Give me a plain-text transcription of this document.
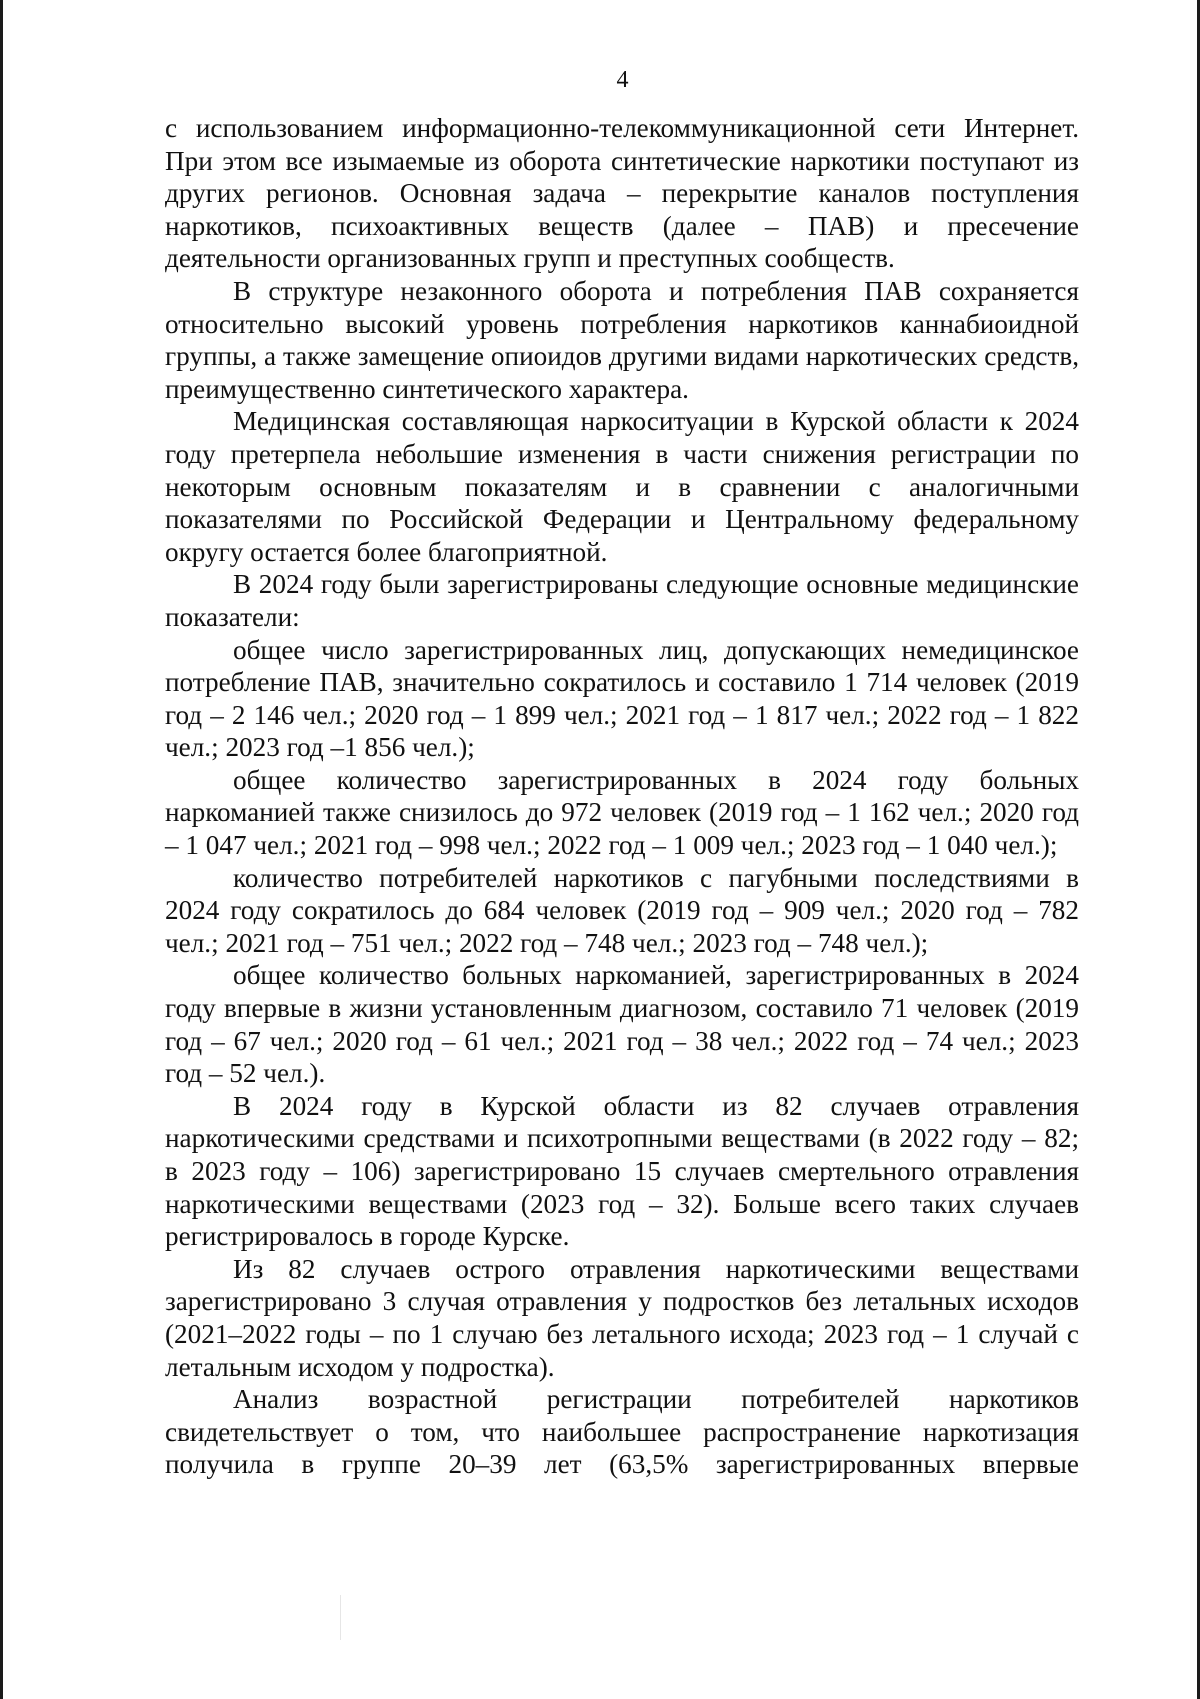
4

с использованием информационно-телекоммуникационной сети Интернет. При этом все изымаемые из оборота синтетические наркотики поступают из других регионов. Основная задача – перекрытие каналов поступления наркотиков, психоактивных веществ (далее – ПАВ) и пресечение деятельности организованных групп и преступных сообществ.

В структуре незаконного оборота и потребления ПАВ сохраняется относительно высокий уровень потребления наркотиков каннабиоидной группы, а также замещение опиоидов другими видами наркотических средств, преимущественно синтетического характера.

Медицинская составляющая наркоситуации в Курской области к 2024 году претерпела небольшие изменения в части снижения регистрации по некоторым основным показателям и в сравнении с аналогичными показателями по Российской Федерации и Центральному федеральному округу остается более благоприятной.

В 2024 году были зарегистрированы следующие основные медицинские показатели:

общее число зарегистрированных лиц, допускающих немедицинское потребление ПАВ, значительно сократилось и составило 1 714 человек (2019 год – 2 146 чел.; 2020 год – 1 899 чел.; 2021 год – 1 817 чел.; 2022 год – 1 822 чел.; 2023 год –1 856 чел.);

общее количество зарегистрированных в 2024 году больных наркоманией также снизилось до 972 человек (2019 год – 1 162 чел.; 2020 год – 1 047 чел.; 2021 год – 998 чел.; 2022 год – 1 009 чел.; 2023 год – 1 040 чел.);

количество потребителей наркотиков с пагубными последствиями в 2024 году сократилось до 684 человек (2019 год – 909 чел.; 2020 год – 782 чел.; 2021 год – 751 чел.; 2022 год – 748 чел.; 2023 год – 748 чел.);

общее количество больных наркоманией, зарегистрированных в 2024 году впервые в жизни установленным диагнозом, составило 71 человек (2019 год – 67 чел.; 2020 год – 61 чел.; 2021 год – 38 чел.; 2022 год – 74 чел.; 2023 год – 52 чел.).

В 2024 году в Курской области из 82 случаев отравления наркотическими средствами и психотропными веществами (в 2022 году – 82; в 2023 году – 106) зарегистрировано 15 случаев смертельного отравления наркотическими веществами (2023 год – 32). Больше всего таких случаев регистрировалось в городе Курске.

Из 82 случаев острого отравления наркотическими веществами зарегистрировано 3 случая отравления у подростков без летальных исходов (2021–2022 годы – по 1 случаю без летального исхода; 2023 год – 1 случай с летальным исходом у подростка).

Анализ возрастной регистрации потребителей наркотиков свидетельствует о том, что наибольшее распространение наркотизация получила в группе 20–39 лет (63,5% зарегистрированных впервые
